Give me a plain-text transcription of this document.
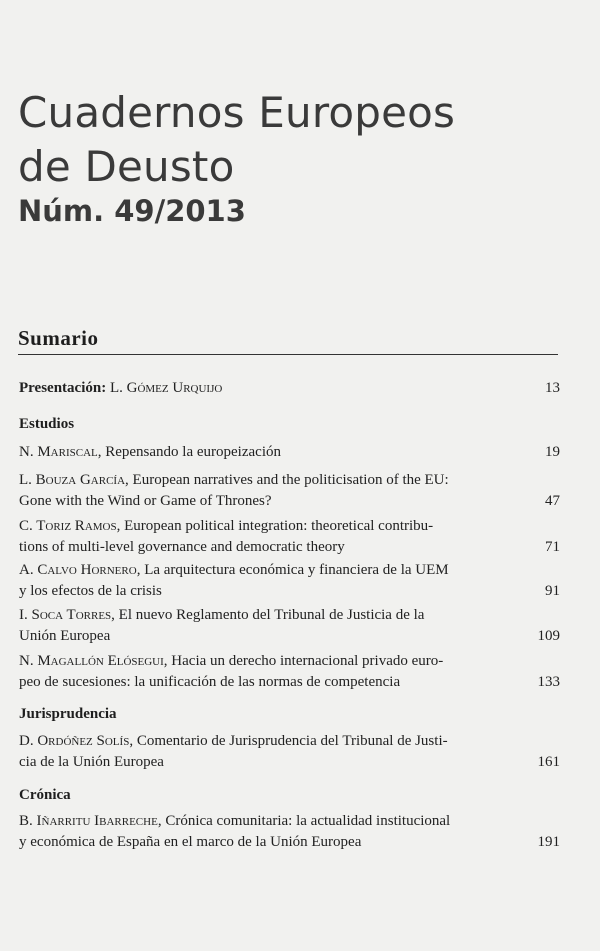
Cuadernos Europeos
de Deusto
Núm. 49/2013
Sumario
Presentación: L. Gómez Urquijo	13
Estudios
N. Mariscal, Repensando la europeización	19
L. Bouza García, European narratives and the politicisation of the EU:
Gone with the Wind or Game of Thrones?	47
C. Toriz Ramos, European political integration: theoretical contribu-
tions of multi-level governance and democratic theory	71
A. Calvo Hornero, La arquitectura económica y financiera de la UEM
y los efectos de la crisis	91
I. Soca Torres, El nuevo Reglamento del Tribunal de Justicia de la
Unión Europea	109
N. Magallón Elósegui, Hacia un derecho internacional privado euro-
peo de sucesiones: la unificación de las normas de competencia	133
Jurisprudencia
D. Ordóñez Solís, Comentario de Jurisprudencia del Tribunal de Justi-
cia de la Unión Europea	161
Crónica
B. Iñarritu Ibarreche, Crónica comunitaria: la actualidad institucional
y económica de España en el marco de la Unión Europea	191
